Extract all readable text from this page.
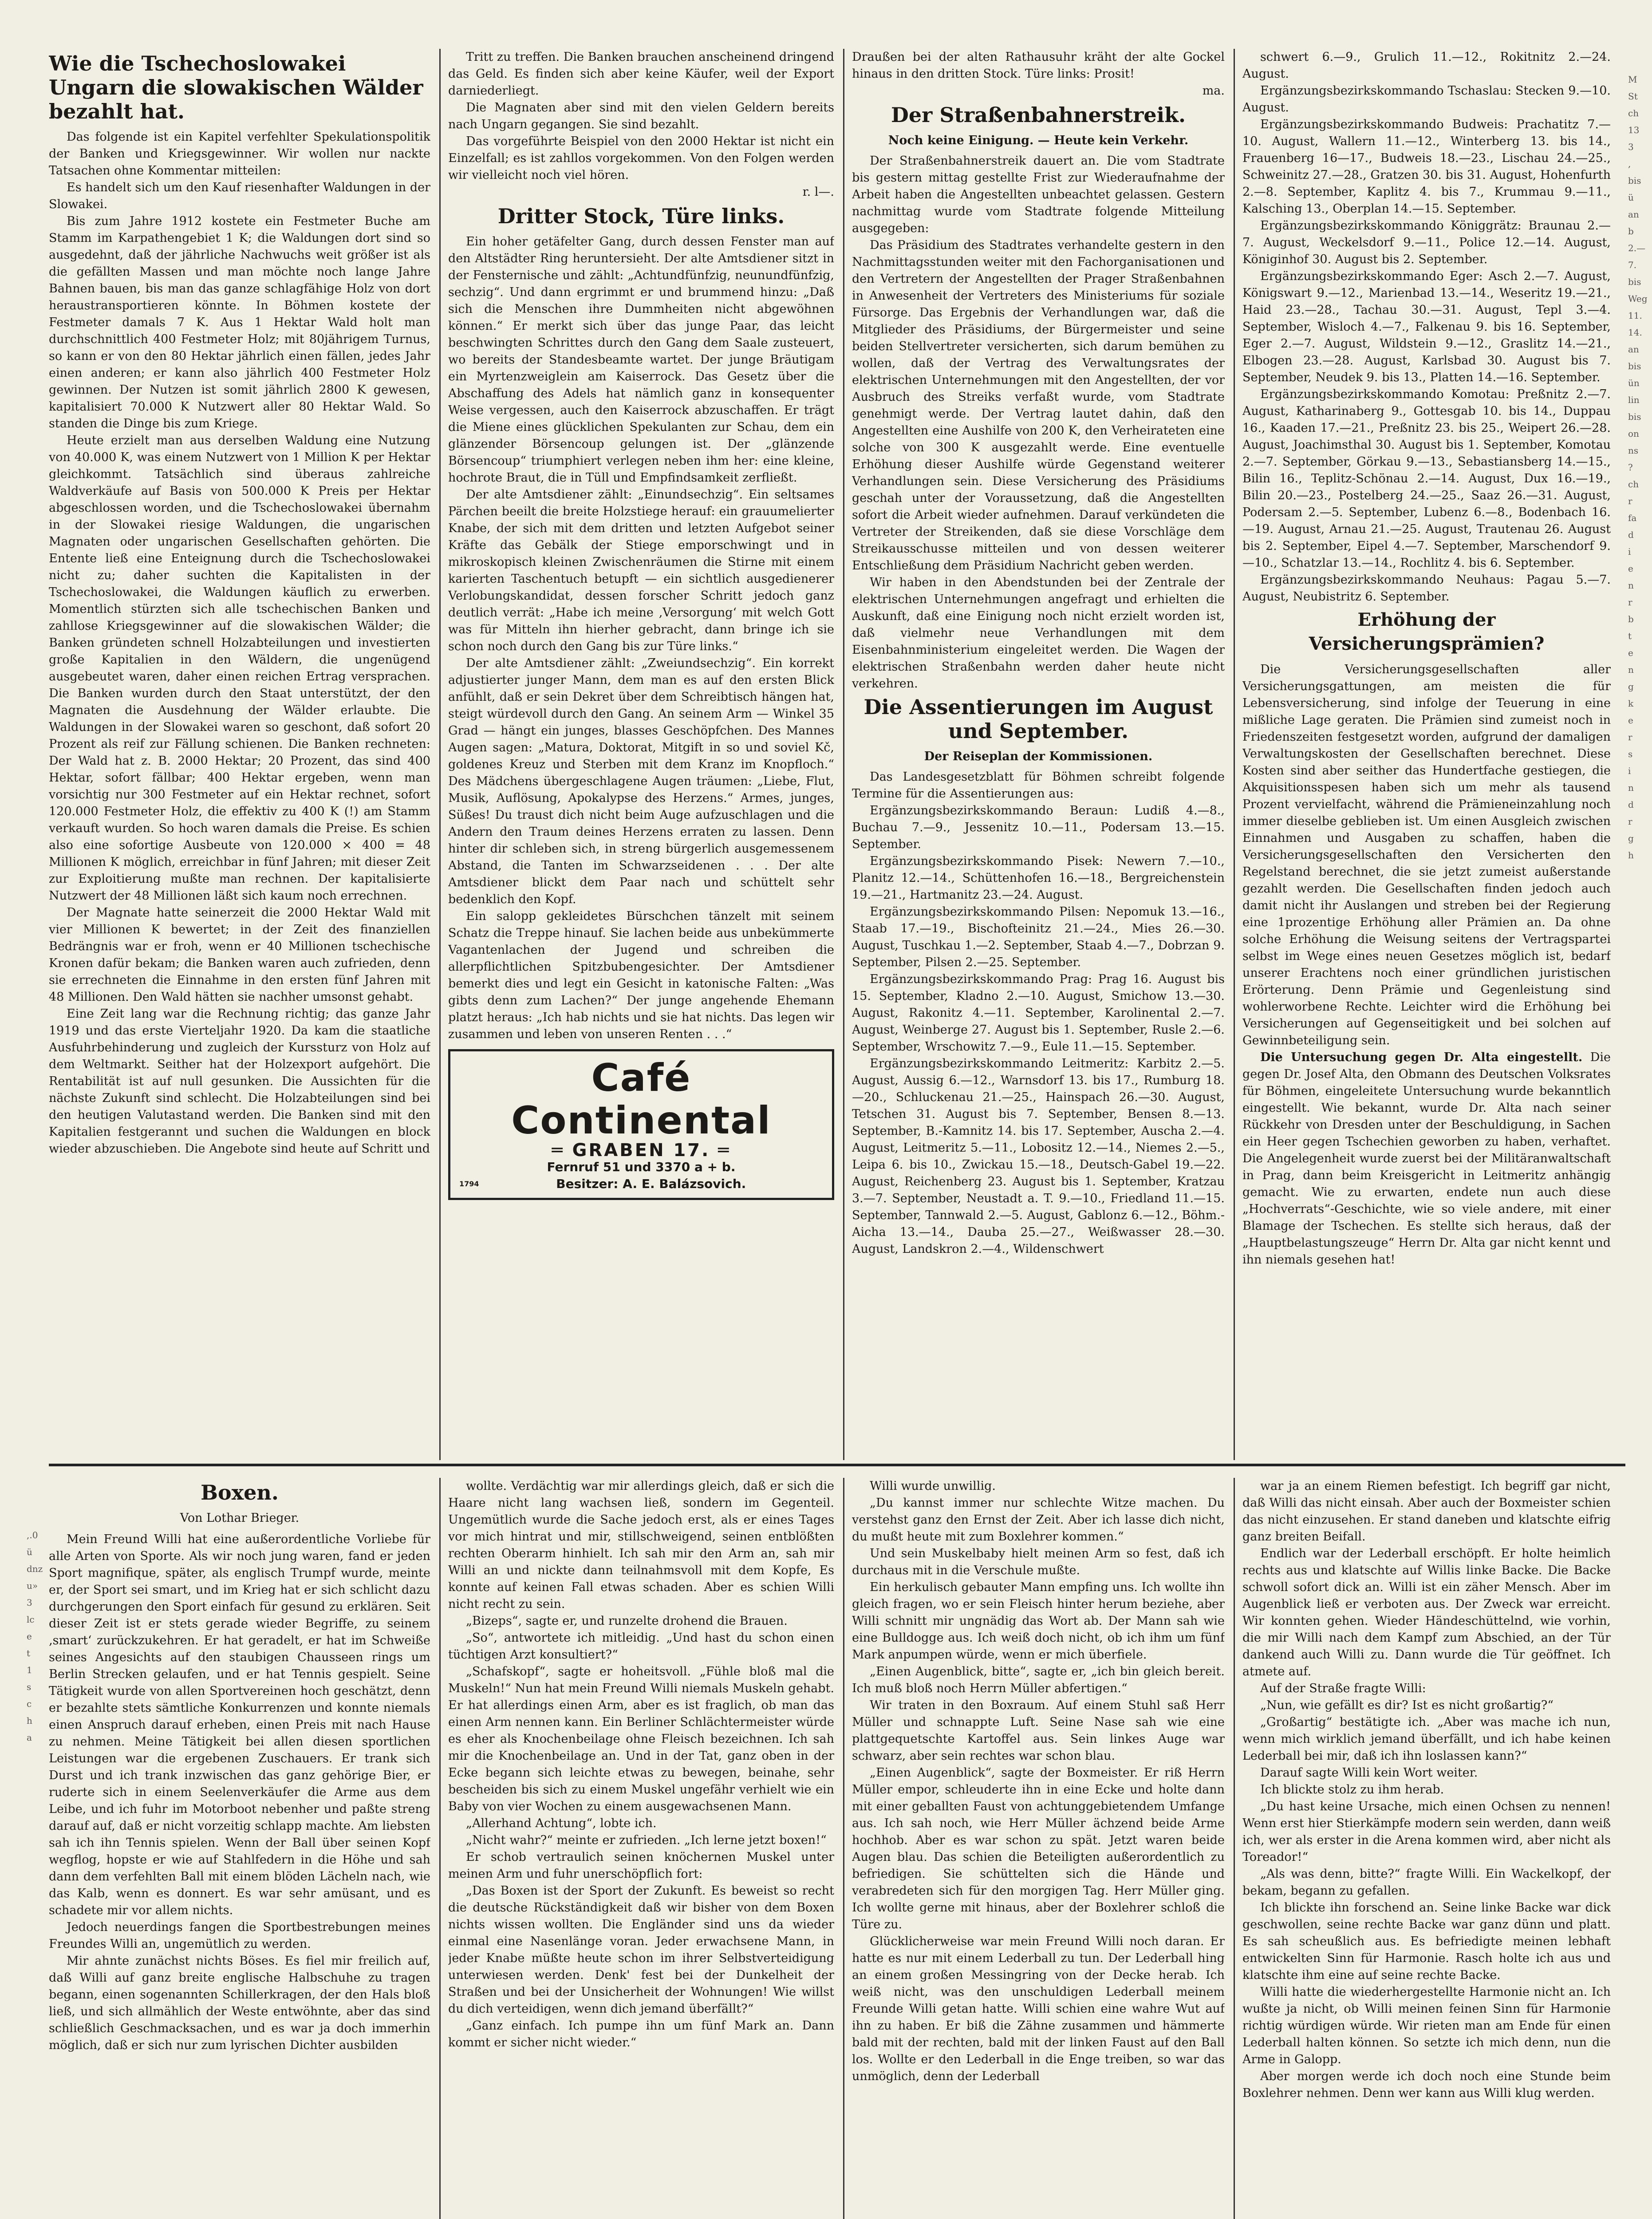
M
St
ch
13
3
,
bis
ü
an
b
2.—
7.
bis
Weg
11.
14.
an
bis
ün
lin
bis
on
ns
?
ch
r
fa
d
i
e
n
r
b
t
e
n
g
k
e
r
s
i
n
d
r
g
h
,.0 ü
dnz
u»
3
lc
e
t
1
s
c
h
a
Wie die Tschechoslowakei Ungarn die slowakischen Wälder bezahlt hat.

Das folgende ist ein Kapitel verfehlter Spekulationspolitik der Banken und Kriegsgewinner. Wir wollen nur nackte Tatsachen ohne Kommentar mitteilen:

Es handelt sich um den Kauf riesenhafter Waldungen in der Slowakei.

Bis zum Jahre 1912 kostete ein Festmeter Buche am Stamm im Karpathengebiet 1 K; die Waldungen dort sind so ausgedehnt, daß der jährliche Nachwuchs weit größer ist als die gefällten Massen und man möchte noch lange Jahre Bahnen bauen, bis man das ganze schlagfähige Holz von dort heraustransportieren könnte. In Böhmen kostete der Festmeter damals 7 K. Aus 1 Hektar Wald holt man durchschnittlich 400 Festmeter Holz; mit 80jährigem Turnus, so kann er von den 80 Hektar jährlich einen fällen, jedes Jahr einen anderen; er kann also jährlich 400 Festmeter Holz gewinnen. Der Nutzen ist somit jährlich 2800 K gewesen, kapitalisiert 70.000 K Nutzwert aller 80 Hektar Wald. So standen die Dinge bis zum Kriege.

Heute erzielt man aus derselben Waldung eine Nutzung von 40.000 K, was einem Nutzwert von 1 Million K per Hektar gleichkommt. Tatsächlich sind überaus zahlreiche Waldverkäufe auf Basis von 500.000 K Preis per Hektar abgeschlossen worden, und die Tschechoslowakei übernahm in der Slowakei riesige Waldungen, die ungarischen Magnaten oder ungarischen Gesellschaften gehörten. Die Entente ließ eine Enteignung durch die Tschechoslowakei nicht zu; daher suchten die Kapitalisten in der Tschechoslowakei, die Waldungen käuflich zu erwerben. Momentlich stürzten sich alle tschechischen Banken und zahllose Kriegsgewinner auf die slowakischen Wälder; die Banken gründeten schnell Holzabteilungen und investierten große Kapitalien in den Wäldern, die ungenügend ausgebeutet waren, daher einen reichen Ertrag versprachen. Die Banken wurden durch den Staat unterstützt, der den Magnaten die Ausdehnung der Wälder erlaubte. Die Waldungen in der Slowakei waren so geschont, daß sofort 20 Prozent als reif zur Fällung schienen. Die Banken rechneten: Der Wald hat z. B. 2000 Hektar; 20 Prozent, das sind 400 Hektar, sofort fällbar; 400 Hektar ergeben, wenn man vorsichtig nur 300 Festmeter auf ein Hektar rechnet, sofort 120.000 Festmeter Holz, die effektiv zu 400 K (!) am Stamm verkauft wurden. So hoch waren damals die Preise. Es schien also eine sofortige Ausbeute von 120.000 × 400 = 48 Millionen K möglich, erreichbar in fünf Jahren; mit dieser Zeit zur Exploitierung mußte man rechnen. Der kapitalisierte Nutzwert der 48 Millionen läßt sich kaum noch errechnen.

Der Magnate hatte seinerzeit die 2000 Hektar Wald mit vier Millionen K bewertet; in der Zeit des finanziellen Bedrängnis war er froh, wenn er 40 Millionen tschechische Kronen dafür bekam; die Banken waren auch zufrieden, denn sie errechneten die Einnahme in den ersten fünf Jahren mit 48 Millionen. Den Wald hätten sie nachher umsonst gehabt.

Eine Zeit lang war die Rechnung richtig; das ganze Jahr 1919 und das erste Vierteljahr 1920. Da kam die staatliche Ausfuhrbehinderung und zugleich der Kurssturz von Holz auf dem Weltmarkt. Seither hat der Holzexport aufgehört. Die Rentabilität ist auf null gesunken. Die Aussichten für die nächste Zukunft sind schlecht. Die Holzabteilungen sind bei den heutigen Valutastand werden. Die Banken sind mit den Kapitalien festgerannt und suchen die Waldungen en block wieder abzuschieben. Die Angebote sind heute auf Schritt und

Tritt zu treffen. Die Banken brauchen anscheinend dringend das Geld. Es finden sich aber keine Käufer, weil der Export darniederliegt.

Die Magnaten aber sind mit den vielen Geldern bereits nach Ungarn gegangen. Sie sind bezahlt.

Das vorgeführte Beispiel von den 2000 Hektar ist nicht ein Einzelfall; es ist zahllos vorgekommen. Von den Folgen werden wir vielleicht noch viel hören.

r. l—.
Dritter Stock, Türe links.

Ein hoher getäfelter Gang, durch dessen Fenster man auf den Altstädter Ring heruntersieht. Der alte Amtsdiener sitzt in der Fensternische und zählt: „Achtundfünfzig, neunundfünfzig, sechzig“. Und dann ergrimmt er und brummend hinzu: „Daß sich die Menschen ihre Dummheiten nicht abgewöhnen können.“ Er merkt sich über das junge Paar, das leicht beschwingten Schrittes durch den Gang dem Saale zusteuert, wo bereits der Standesbeamte wartet. Der junge Bräutigam ein Myrtenzweiglein am Kaiserrock. Das Gesetz über die Abschaffung des Adels hat nämlich ganz in konsequenter Weise vergessen, auch den Kaiserrock abzuschaffen. Er trägt die Miene eines glücklichen Spekulanten zur Schau, dem ein glänzender Börsencoup gelungen ist. Der „glänzende Börsencoup“ triumphiert verlegen neben ihm her: eine kleine, hochrote Braut, die in Tüll und Empfindsamkeit zerfließt.

Der alte Amtsdiener zählt: „Einundsechzig“. Ein seltsames Pärchen beeilt die breite Holzstiege herauf: ein grauumelierter Knabe, der sich mit dem dritten und letzten Aufgebot seiner Kräfte das Gebälk der Stiege emporschwingt und in mikroskopisch kleinen Zwischenräumen die Stirne mit einem karierten Taschentuch betupft — ein sichtlich ausgedienerer Verlobungskandidat, dessen forscher Schritt jedoch ganz deutlich verrät: „Habe ich meine ‚Versorgung‘ mit welch Gott was für Mitteln ihn hierher gebracht, dann bringe ich sie schon noch durch den Gang bis zur Türe links.“

Der alte Amtsdiener zählt: „Zweiundsechzig“. Ein korrekt adjustierter junger Mann, dem man es auf den ersten Blick anfühlt, daß er sein Dekret über dem Schreibtisch hängen hat, steigt würdevoll durch den Gang. An seinem Arm — Winkel 35 Grad — hängt ein junges, blasses Geschöpfchen. Des Mannes Augen sagen: „Matura, Doktorat, Mitgift in so und soviel Kč, goldenes Kreuz und Sterben mit dem Kranz im Knopfloch.“ Des Mädchens übergeschlagene Augen träumen: „Liebe, Flut, Musik, Auflösung, Apokalypse des Herzens.“ Armes, junges, Süßes! Du traust dich nicht beim Auge aufzuschlagen und die Andern den Traum deines Herzens erraten zu lassen. Denn hinter dir schleben sich, in streng bürgerlich ausgemessenem Abstand, die Tanten im Schwarzseidenen . . . Der alte Amtsdiener blickt dem Paar nach und schüttelt sehr bedenklich den Kopf.

Ein salopp gekleidetes Bürschchen tänzelt mit seinem Schatz die Treppe hinauf. Sie lachen beide aus unbekümmerte Vagantenlachen der Jugend und schreiben die allerpflichtlichen Spitzbubengesichter. Der Amtsdiener bemerkt dies und legt ein Gesicht in katonische Falten: „Was gibts denn zum Lachen?“ Der junge angehende Ehemann platzt heraus: „Ich hab nichts und sie hat nichts. Das legen wir zusammen und leben von unseren Renten . . .“

Café Continental
═ GRABEN 17. ═
Fernruf 51 und 3370 a + b.
1794	Besitzer: A. E. Balázsovich.

Draußen bei der alten Rathausuhr kräht der alte Gockel hinaus in den dritten Stock. Türe links: Prosit!

ma.
Der Straßenbahnerstreik.
Noch keine Einigung. — Heute kein Verkehr.

Der Straßenbahnerstreik dauert an. Die vom Stadtrate bis gestern mittag gestellte Frist zur Wiederaufnahme der Arbeit haben die Angestellten unbeachtet gelassen. Gestern nachmittag wurde vom Stadtrate folgende Mitteilung ausgegeben:

Das Präsidium des Stadtrates verhandelte gestern in den Nachmittagsstunden weiter mit den Fachorganisationen und den Vertretern der Angestellten der Prager Straßenbahnen in Anwesenheit der Vertreters des Ministeriums für soziale Fürsorge. Das Ergebnis der Verhandlungen war, daß die Mitglieder des Präsidiums, der Bürgermeister und seine beiden Stellvertreter versicherten, sich darum bemühen zu wollen, daß der Vertrag des Verwaltungsrates der elektrischen Unternehmungen mit den Angestellten, der vor Ausbruch des Streiks verfaßt wurde, vom Stadtrate genehmigt werde. Der Vertrag lautet dahin, daß den Angestellten eine Aushilfe von 200 K, den Verheirateten eine solche von 300 K ausgezahlt werde. Eine eventuelle Erhöhung dieser Aushilfe würde Gegenstand weiterer Verhandlungen sein. Diese Versicherung des Präsidiums geschah unter der Voraussetzung, daß die Angestellten sofort die Arbeit wieder aufnehmen. Darauf verkündeten die Vertreter der Streikenden, daß sie diese Vorschläge dem Streikausschusse mitteilen und von dessen weiterer Entschließung dem Präsidium Nachricht geben werden.

Wir haben in den Abendstunden bei der Zentrale der elektrischen Unternehmungen angefragt und erhielten die Auskunft, daß eine Einigung noch nicht erzielt worden ist, daß vielmehr neue Verhandlungen mit dem Eisenbahnministerium eingeleitet werden. Die Wagen der elektrischen Straßenbahn werden daher heute nicht verkehren.

Die Assentierungen im August und September.
Der Reiseplan der Kommissionen.

Das Landesgesetzblatt für Böhmen schreibt folgende Termine für die Assentierungen aus:

Ergänzungsbezirkskommando Beraun: Ludiß 4.—8., Buchau 7.—9., Jessenitz 10.—11., Podersam 13.—15. September.

Ergänzungsbezirkskommando Pisek: Newern 7.—10., Planitz 12.—14., Schüttenhofen 16.—18., Bergreichenstein 19.—21., Hartmanitz 23.—24. August.

Ergänzungsbezirkskommando Pilsen: Nepomuk 13.—16., Staab 17.—19., Bischofteinitz 21.—24., Mies 26.—30. August, Tuschkau 1.—2. September, Staab 4.—7., Dobrzan 9. September, Pilsen 2.—25. September.

Ergänzungsbezirkskommando Prag: Prag 16. August bis 15. September, Kladno 2.—10. August, Smichow 13.—30. August, Rakonitz 4.—11. September, Karolinental 2.—7. August, Weinberge 27. August bis 1. September, Rusle 2.—6. September, Wrschowitz 7.—9., Eule 11.—15. September.

Ergänzungsbezirkskommando Leitmeritz: Karbitz 2.—5. August, Aussig 6.—12., Warnsdorf 13. bis 17., Rumburg 18.—20., Schluckenau 21.—25., Hainspach 26.—30. August, Tetschen 31. August bis 7. September, Bensen 8.—13. September, B.-Kamnitz 14. bis 17. September, Auscha 2.—4. August, Leitmeritz 5.—11., Lobositz 12.—14., Niemes 2.—5., Leipa 6. bis 10., Zwickau 15.—18., Deutsch-Gabel 19.—22. August, Reichenberg 23. August bis 1. September, Kratzau 3.—7. September, Neustadt a. T. 9.—10., Friedland 11.—15. September, Tannwald 2.—5. August, Gablonz 6.—12., Böhm.-Aicha 13.—14., Dauba 25.—27., Weißwasser 28.—30. August, Landskron 2.—4., Wildenschwert

schwert 6.—9., Grulich 11.—12., Rokitnitz 2.—24. August.

Ergänzungsbezirkskommando Tschaslau: Stecken 9.—10. August.

Ergänzungsbezirkskommando Budweis: Prachatitz 7.—10. August, Wallern 11.—12., Winterberg 13. bis 14., Frauenberg 16—17., Budweis 18.—23., Lischau 24.—25., Schweinitz 27.—28., Gratzen 30. bis 31. August, Hohenfurth 2.—8. September, Kaplitz 4. bis 7., Krummau 9.—11., Kalsching 13., Oberplan 14.—15. September.

Ergänzungsbezirkskommando Königgrätz: Braunau 2.—7. August, Weckelsdorf 9.—11., Police 12.—14. August, Königinhof 30. August bis 2. September.

Ergänzungsbezirkskommando Eger: Asch 2.—7. August, Königswart 9.—12., Marienbad 13.—14., Weseritz 19.—21., Haid 23.—28., Tachau 30.—31. August, Tepl 3.—4. September, Wisloch 4.—7., Falkenau 9. bis 16. September, Eger 2.—7. August, Wildstein 9.—12., Graslitz 14.—21., Elbogen 23.—28. August, Karlsbad 30. August bis 7. September, Neudek 9. bis 13., Platten 14.—16. September.

Ergänzungsbezirkskommando Komotau: Preßnitz 2.—7. August, Katharinaberg 9., Gottesgab 10. bis 14., Duppau 16., Kaaden 17.—21., Preßnitz 23. bis 25., Weipert 26.—28. August, Joachimsthal 30. August bis 1. September, Komotau 2.—7. September, Görkau 9.—13., Sebastiansberg 14.—15., Bilin 16., Teplitz-Schönau 2.—14. August, Dux 16.—19., Bilin 20.—23., Postelberg 24.—25., Saaz 26.—31. August, Podersam 2.—5. September, Lubenz 6.—8., Bodenbach 16.—19. August, Arnau 21.—25. August, Trautenau 26. August bis 2. September, Eipel 4.—7. September, Marschendorf 9.—10., Schatzlar 13.—14., Rochlitz 4. bis 6. September.

Ergänzungsbezirkskommando Neuhaus: Pagau 5.—7. August, Neubistritz 6. September.

Erhöhung der Versicherungsprämien?

Die Versicherungsgesellschaften aller Versicherungsgattungen, am meisten die für Lebensversicherung, sind infolge der Teuerung in eine mißliche Lage geraten. Die Prämien sind zumeist noch in Friedenszeiten festgesetzt worden, aufgrund der damaligen Verwaltungskosten der Gesellschaften berechnet. Diese Kosten sind aber seither das Hundertfache gestiegen, die Akquisitionsspesen haben sich um mehr als tausend Prozent vervielfacht, während die Prämieneinzahlung noch immer dieselbe geblieben ist. Um einen Ausgleich zwischen Einnahmen und Ausgaben zu schaffen, haben die Versicherungsgesellschaften den Versicherten den Regelstand berechnet, die sie jetzt zumeist außerstande gezahlt werden. Die Gesellschaften finden jedoch auch damit nicht ihr Auslangen und streben bei der Regierung eine 1prozentige Erhöhung aller Prämien an. Da ohne solche Erhöhung die Weisung seitens der Vertragspartei selbst im Wege eines neuen Gesetzes möglich ist, bedarf unserer Erachtens noch einer gründlichen juristischen Erörterung. Denn Prämie und Gegenleistung sind wohlerworbene Rechte. Leichter wird die Erhöhung bei Versicherungen auf Gegenseitigkeit und bei solchen auf Gewinnbeteiligung sein.

Die Untersuchung gegen Dr. Alta eingestellt. Die gegen Dr. Josef Alta, den Obmann des Deutschen Volksrates für Böhmen, eingeleitete Untersuchung wurde bekanntlich eingestellt. Wie bekannt, wurde Dr. Alta nach seiner Rückkehr von Dresden unter der Beschuldigung, in Sachen ein Heer gegen Tschechien geworben zu haben, verhaftet. Die Angelegenheit wurde zuerst bei der Militäranwaltschaft in Prag, dann beim Kreisgericht in Leitmeritz anhängig gemacht. Wie zu erwarten, endete nun auch diese „Hochverrats“-Geschichte, wie so viele andere, mit einer Blamage der Tschechen. Es stellte sich heraus, daß der „Hauptbelastungszeuge“ Herrn Dr. Alta gar nicht kennt und ihn niemals gesehen hat!

Boxen.
Von Lothar Brieger.

Mein Freund Willi hat eine außerordentliche Vorliebe für alle Arten von Sporte. Als wir noch jung waren, fand er jeden Sport magnifique, später, als englisch Trumpf wurde, meinte er, der Sport sei smart, und im Krieg hat er sich schlicht dazu durchgerungen den Sport einfach für gesund zu erklären. Seit dieser Zeit ist er stets gerade wieder Begriffe, zu seinem ‚smart‘ zurückzukehren. Er hat geradelt, er hat im Schweiße seines Angesichts auf den staubigen Chausseen rings um Berlin Strecken gelaufen, und er hat Tennis gespielt. Seine Tätigkeit wurde von allen Sportvereinen hoch geschätzt, denn er bezahlte stets sämtliche Konkurrenzen und konnte niemals einen Anspruch darauf erheben, einen Preis mit nach Hause zu nehmen. Meine Tätigkeit bei allen diesen sportlichen Leistungen war die ergebenen Zuschauers. Er trank sich Durst und ich trank inzwischen das ganz gehörige Bier, er ruderte sich in einem Seelenverkäufer die Arme aus dem Leibe, und ich fuhr im Motorboot nebenher und paßte streng darauf auf, daß er nicht vorzeitig schlapp machte. Am liebsten sah ich ihn Tennis spielen. Wenn der Ball über seinen Kopf wegflog, hopste er wie auf Stahlfedern in die Höhe und sah dann dem verfehlten Ball mit einem blöden Lächeln nach, wie das Kalb, wenn es donnert. Es war sehr amüsant, und es schadete mir vor allem nichts.

Jedoch neuerdings fangen die Sportbestrebungen meines Freundes Willi an, ungemütlich zu werden.

Mir ahnte zunächst nichts Böses. Es fiel mir freilich auf, daß Willi auf ganz breite englische Halbschuhe zu tragen begann, einen sogenannten Schillerkragen, der den Hals bloß ließ, und sich allmählich der Weste entwöhnte, aber das sind schließlich Geschmacksachen, und es war ja doch immerhin möglich, daß er sich nur zum lyrischen Dichter ausbilden

wollte. Verdächtig war mir allerdings gleich, daß er sich die Haare nicht lang wachsen ließ, sondern im Gegenteil. Ungemütlich wurde die Sache jedoch erst, als er eines Tages vor mich hintrat und mir, stillschweigend, seinen entblößten rechten Oberarm hinhielt. Ich sah mir den Arm an, sah mir Willi an und nickte dann teilnahmsvoll mit dem Kopfe, Es konnte auf keinen Fall etwas schaden. Aber es schien Willi nicht recht zu sein.

„Bizeps“, sagte er, und runzelte drohend die Brauen.

„So“, antwortete ich mitleidig. „Und hast du schon einen tüchtigen Arzt konsultiert?“

„Schafskopf“, sagte er hoheitsvoll. „Fühle bloß mal die Muskeln!“ Nun hat mein Freund Willi niemals Muskeln gehabt. Er hat allerdings einen Arm, aber es ist fraglich, ob man das einen Arm nennen kann. Ein Berliner Schlächtermeister würde es eher als Knochenbeilage ohne Fleisch bezeichnen. Ich sah mir die Knochenbeilage an. Und in der Tat, ganz oben in der Ecke begann sich leichte etwas zu bewegen, beinahe, sehr bescheiden bis sich zu einem Muskel ungefähr verhielt wie ein Baby von vier Wochen zu einem ausgewachsenen Mann.

„Allerhand Achtung“, lobte ich.

„Nicht wahr?“ meinte er zufrieden. „Ich lerne jetzt boxen!“

Er schob vertraulich seinen knöchernen Muskel unter meinen Arm und fuhr unerschöpflich fort:

„Das Boxen ist der Sport der Zukunft. Es beweist so recht die deutsche Rückständigkeit daß wir bisher von dem Boxen nichts wissen wollten. Die Engländer sind uns da wieder einmal eine Nasenlänge voran. Jeder erwachsene Mann, in jeder Knabe müßte heute schon im ihrer Selbstverteidigung unterwiesen werden. Denk' fest bei der Dunkelheit der Straßen und bei der Unsicherheit der Wohnungen! Wie willst du dich verteidigen, wenn dich jemand überfällt?“

„Ganz einfach. Ich pumpe ihn um fünf Mark an. Dann kommt er sicher nicht wieder.“

Willi wurde unwillig.

„Du kannst immer nur schlechte Witze machen. Du verstehst ganz den Ernst der Zeit. Aber ich lasse dich nicht, du mußt heute mit zum Boxlehrer kommen.“

Und sein Muskelbaby hielt meinen Arm so fest, daß ich durchaus mit in die Verschule mußte.

Ein herkulisch gebauter Mann empfing uns. Ich wollte ihn gleich fragen, wo er sein Fleisch hinter herum beziehe, aber Willi schnitt mir ungnädig das Wort ab. Der Mann sah wie eine Bulldogge aus. Ich weiß doch nicht, ob ich ihm um fünf Mark anpumpen würde, wenn er mich überfiele.

„Einen Augenblick, bitte“, sagte er, „ich bin gleich bereit. Ich muß bloß noch Herrn Müller abfertigen.“

Wir traten in den Boxraum. Auf einem Stuhl saß Herr Müller und schnappte Luft. Seine Nase sah wie eine plattgequetschte Kartoffel aus. Sein linkes Auge war schwarz, aber sein rechtes war schon blau.

„Einen Augenblick“, sagte der Boxmeister. Er riß Herrn Müller empor, schleuderte ihn in eine Ecke und holte dann mit einer geballten Faust von achtunggebietendem Umfange aus. Ich sah noch, wie Herr Müller ächzend beide Arme hochhob. Aber es war schon zu spät. Jetzt waren beide Augen blau. Das schien die Beteiligten außerordentlich zu befriedigen. Sie schüttelten sich die Hände und verabredeten sich für den morgigen Tag. Herr Müller ging. Ich wollte gerne mit hinaus, aber der Boxlehrer schloß die Türe zu.

Glücklicherweise war mein Freund Willi noch daran. Er hatte es nur mit einem Lederball zu tun. Der Lederball hing an einem großen Messingring von der Decke herab. Ich weiß nicht, was den unschuldigen Lederball meinem Freunde Willi getan hatte. Willi schien eine wahre Wut auf ihn zu haben. Er biß die Zähne zusammen und hämmerte bald mit der rechten, bald mit der linken Faust auf den Ball los. Wollte er den Lederball in die Enge treiben, so war das unmöglich, denn der Lederball

war ja an einem Riemen befestigt. Ich begriff gar nicht, daß Willi das nicht einsah. Aber auch der Boxmeister schien das nicht einzusehen. Er stand daneben und klatschte eifrig ganz breiten Beifall.

Endlich war der Lederball erschöpft. Er holte heimlich rechts aus und klatschte auf Willis linke Backe. Die Backe schwoll sofort dick an. Willi ist ein zäher Mensch. Aber im Augenblick ließ er verboten aus. Der Zweck war erreicht. Wir konnten gehen. Wieder Händeschüttelnd, wie vorhin, die mir Willi nach dem Kampf zum Abschied, an der Tür dankend auch Willi zu. Dann wurde die Tür geöffnet. Ich atmete auf.

Auf der Straße fragte Willi:

„Nun, wie gefällt es dir? Ist es nicht großartig?“

„Großartig“ bestätigte ich. „Aber was mache ich nun, wenn mich wirklich jemand überfällt, und ich habe keinen Lederball bei mir, daß ich ihn loslassen kann?“

Darauf sagte Willi kein Wort weiter.

Ich blickte stolz zu ihm herab.

„Du hast keine Ursache, mich einen Ochsen zu nennen! Wenn erst hier Stierkämpfe modern sein werden, dann weiß ich, wer als erster in die Arena kommen wird, aber nicht als Toreador!“

„Als was denn, bitte?“ fragte Willi. Ein Wackelkopf, der bekam, begann zu gefallen.

Ich blickte ihn forschend an. Seine linke Backe war dick geschwollen, seine rechte Backe war ganz dünn und platt. Es sah scheußlich aus. Es befriedigte meinen lebhaft entwickelten Sinn für Harmonie. Rasch holte ich aus und klatschte ihm eine auf seine rechte Backe.

Willi hatte die wiederhergestellte Harmonie nicht an. Ich wußte ja nicht, ob Willi meinen feinen Sinn für Harmonie richtig würdigen würde. Wir rieten man am Ende für einen Lederball halten können. So setzte ich mich denn, nun die Arme in Galopp.

Aber morgen werde ich doch noch eine Stunde beim Boxlehrer nehmen. Denn wer kann aus Willi klug werden.
